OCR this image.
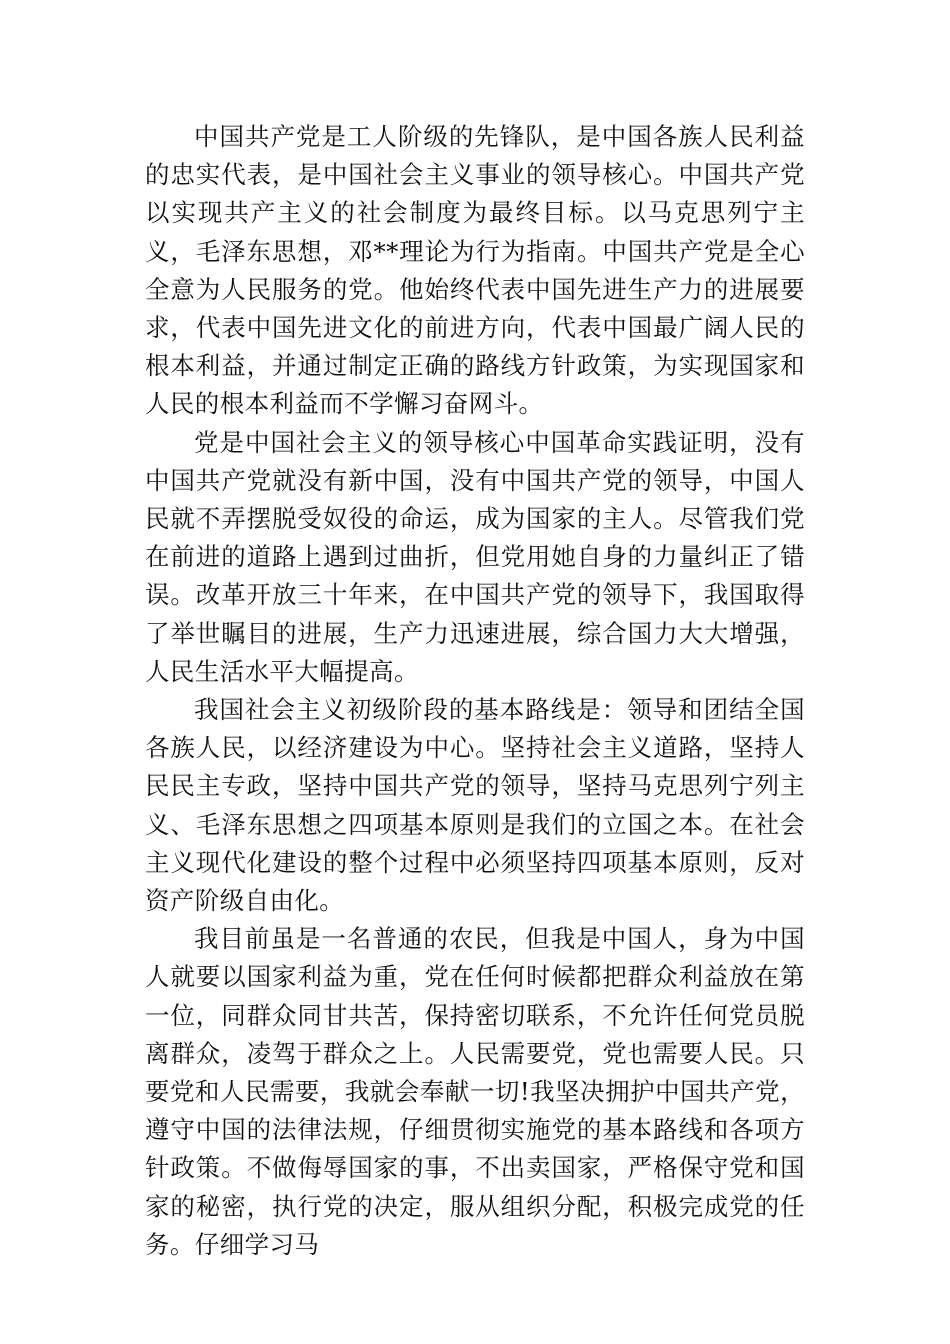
中国共产党是工人阶级的先锋队，是中国各族人民利益的忠实代表，是中国社会主义事业的领导核心。中国共产党以实现共产主义的社会制度为最终目标。以马克思列宁主义，毛泽东思想，邓**理论为行为指南。中国共产党是全心全意为人民服务的党。他始终代表中国先进生产力的进展要求，代表中国先进文化的前进方向，代表中国最广阔人民的根本利益，并通过制定正确的路线方针政策，为实现国家和人民的根本利益而不学懈习奋网斗。

党是中国社会主义的领导核心中国革命实践证明，没有中国共产党就没有新中国，没有中国共产党的领导，中国人民就不弄摆脱受奴役的命运，成为国家的主人。尽管我们党在前进的道路上遇到过曲折，但党用她自身的力量纠正了错误。改革开放三十年来，在中国共产党的领导下，我国取得了举世瞩目的进展，生产力迅速进展，综合国力大大增强，人民生活水平大幅提高。

我国社会主义初级阶段的基本路线是：领导和团结全国各族人民，以经济建设为中心。坚持社会主义道路，坚持人民民主专政，坚持中国共产党的领导，坚持马克思列宁列主义、毛泽东思想之四项基本原则是我们的立国之本。在社会主义现代化建设的整个过程中必须坚持四项基本原则，反对资产阶级自由化。

我目前虽是一名普通的农民，但我是中国人，身为中国人就要以国家利益为重，党在任何时候都把群众利益放在第一位，同群众同甘共苦，保持密切联系，不允许任何党员脱离群众，凌驾于群众之上。人民需要党，党也需要人民。只要党和人民需要，我就会奉献一切!我坚决拥护中国共产党，遵守中国的法律法规，仔细贯彻实施党的基本路线和各项方针政策。不做侮辱国家的事，不出卖国家，严格保守党和国家的秘密，执行党的决定，服从组织分配，积极完成党的任务。仔细学习马
